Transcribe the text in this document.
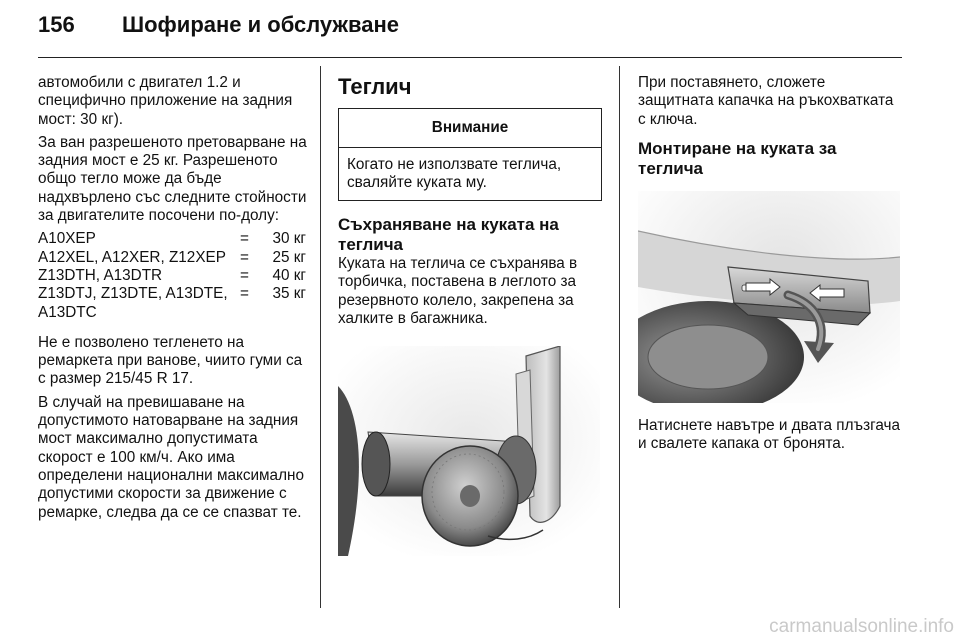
156	Шофиране и обслужване

автомобили с двигател 1.2 и специфично приложение на задния мост: 30 кг).

За ван разрешеното претоварване на задния мост е 25 кг. Разрешеното общо тегло може да бъде надхвърлено със следните стойности за двигателите посочени по-долу:

A10XEP	=	30 кг
A12XEL, A12XER, Z12XEP	=	25 кг
Z13DTH, A13DTR	=	40 кг
Z13DTJ, Z13DTE, A13DTE, A13DTC	=	35 кг

Не е позволено тегленето на ремаркета при ванове, чиито гуми са с размер 215/45 R 17.

В случай на превишаване на допустимото натоварване на задния мост максимално допустимата скорост е 100 км/ч. Ако има определени национални максимално допустими скорости за движение с ремарке, следва да се се спазват те.

Теглич
Внимание
Когато не използвате теглича, сваляйте куката му.
Съхраняване на куката на теглича

Куката на теглича се съхранява в торбичка, поставена в леглото за резервното колело, закрепена за халките в багажника.

При поставянето, сложете защитната капачка на ръкохватката с ключа.

Монтиране на куката за теглича

Натиснете навътре и двата плъзгача и свалете капака от бронята.

carmanualsonline.info
